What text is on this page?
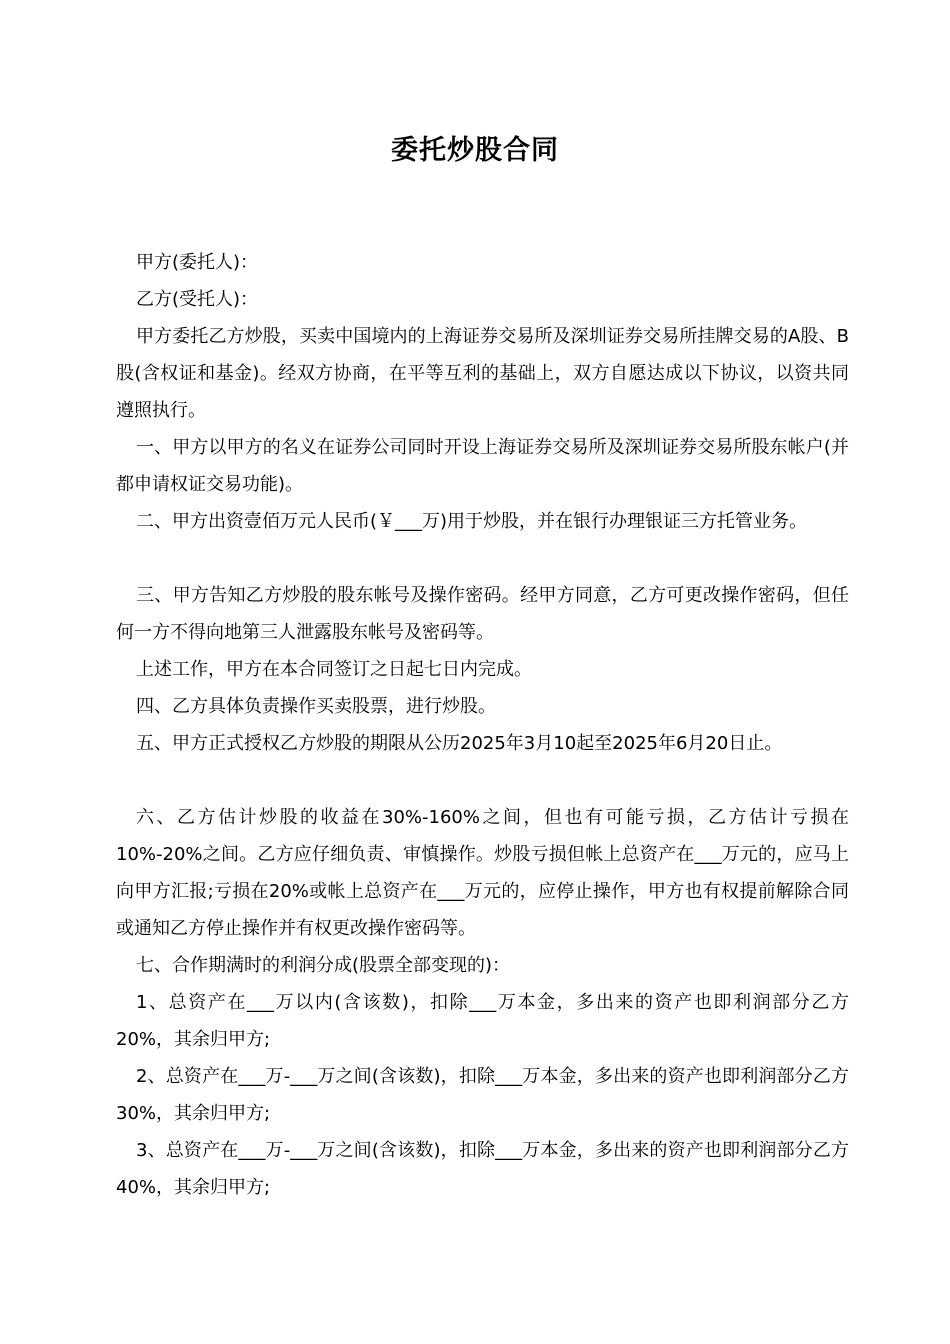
委托炒股合同

甲方(委托人)：

乙方(受托人)：

甲方委托乙方炒股，买卖中国境内的上海证券交易所及深圳证券交易所挂牌交易的A股、B股(含权证和基金)。经双方协商，在平等互利的基础上，双方自愿达成以下协议，以资共同遵照执行。

一、甲方以甲方的名义在证券公司同时开设上海证券交易所及深圳证券交易所股东帐户(并都申请权证交易功能)。

二、甲方出资壹佰万元人民币(￥___万)用于炒股，并在银行办理银证三方托管业务。

三、甲方告知乙方炒股的股东帐号及操作密码。经甲方同意，乙方可更改操作密码，但任何一方不得向地第三人泄露股东帐号及密码等。

上述工作，甲方在本合同签订之日起七日内完成。

四、乙方具体负责操作买卖股票，进行炒股。

五、甲方正式授权乙方炒股的期限从公历2025年3月10起至2025年6月20日止。

六、乙方估计炒股的收益在30%-160%之间，但也有可能亏损，乙方估计亏损在10%-20%之间。乙方应仔细负责、审慎操作。炒股亏损但帐上总资产在___万元的，应马上向甲方汇报;亏损在20%或帐上总资产在___万元的，应停止操作，甲方也有权提前解除合同或通知乙方停止操作并有权更改操作密码等。

七、合作期满时的利润分成(股票全部变现的)：

1、总资产在___万以内(含该数)，扣除___万本金，多出来的资产也即利润部分乙方20%，其余归甲方;

2、总资产在___万-___万之间(含该数)，扣除___万本金，多出来的资产也即利润部分乙方30%，其余归甲方;

3、总资产在___万-___万之间(含该数)，扣除___万本金，多出来的资产也即利润部分乙方40%，其余归甲方;
